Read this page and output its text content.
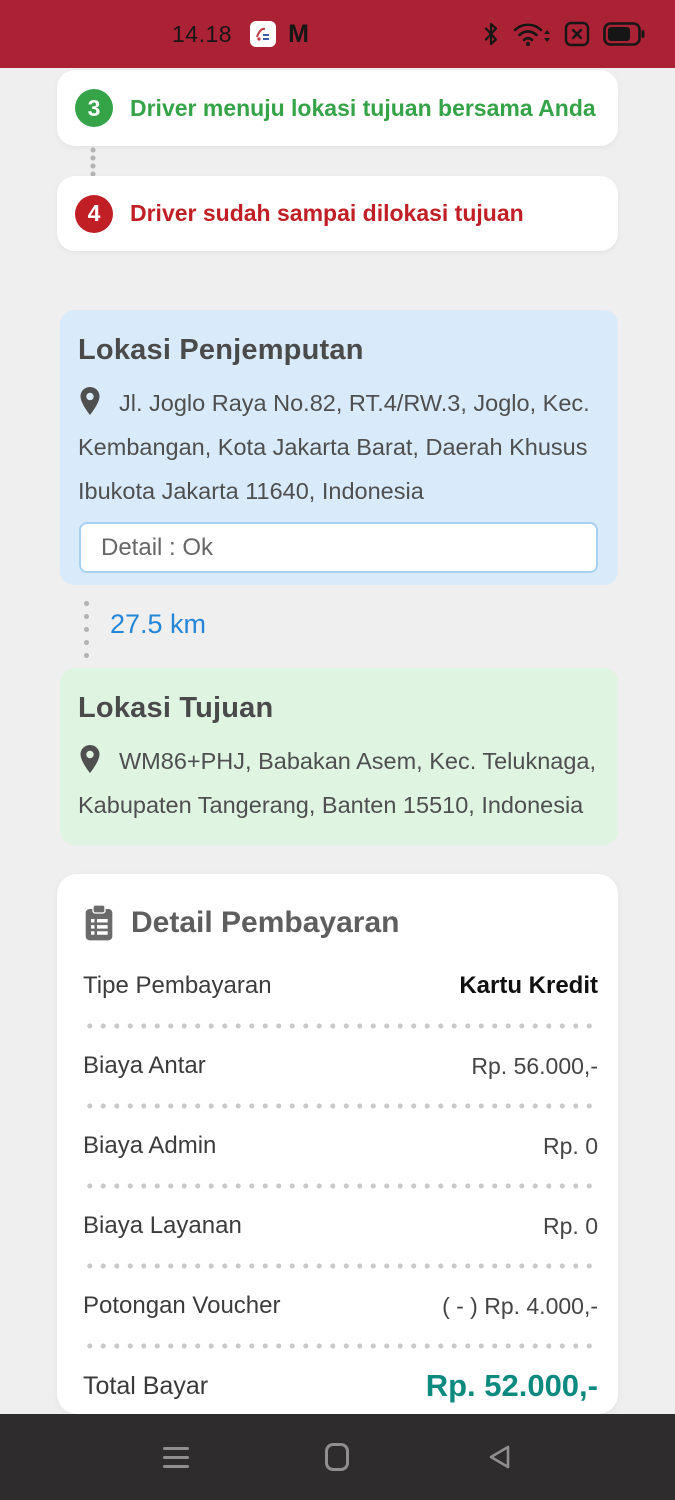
14.18 M
3	Driver menuju lokasi tujuan bersama Anda
4	Driver sudah sampai dilokasi tujuan
Lokasi Penjemputan

Jl. Joglo Raya No.82, RT.4/RW.3, Joglo, Kec. Kembangan, Kota Jakarta Barat, Daerah Khusus Ibukota Jakarta 11640, Indonesia

Detail : Ok
27.5 km
Lokasi Tujuan

WM86+PHJ, Babakan Asem, Kec. Teluknaga, Kabupaten Tangerang, Banten 15510, Indonesia

Detail Pembayaran
Tipe Pembayaran	Kartu Kredit
Biaya Antar	Rp. 56.000,-
Biaya Admin	Rp. 0
Biaya Layanan	Rp. 0
Potongan Voucher	( - ) Rp. 4.000,-
Total Bayar	Rp. 52.000,-
